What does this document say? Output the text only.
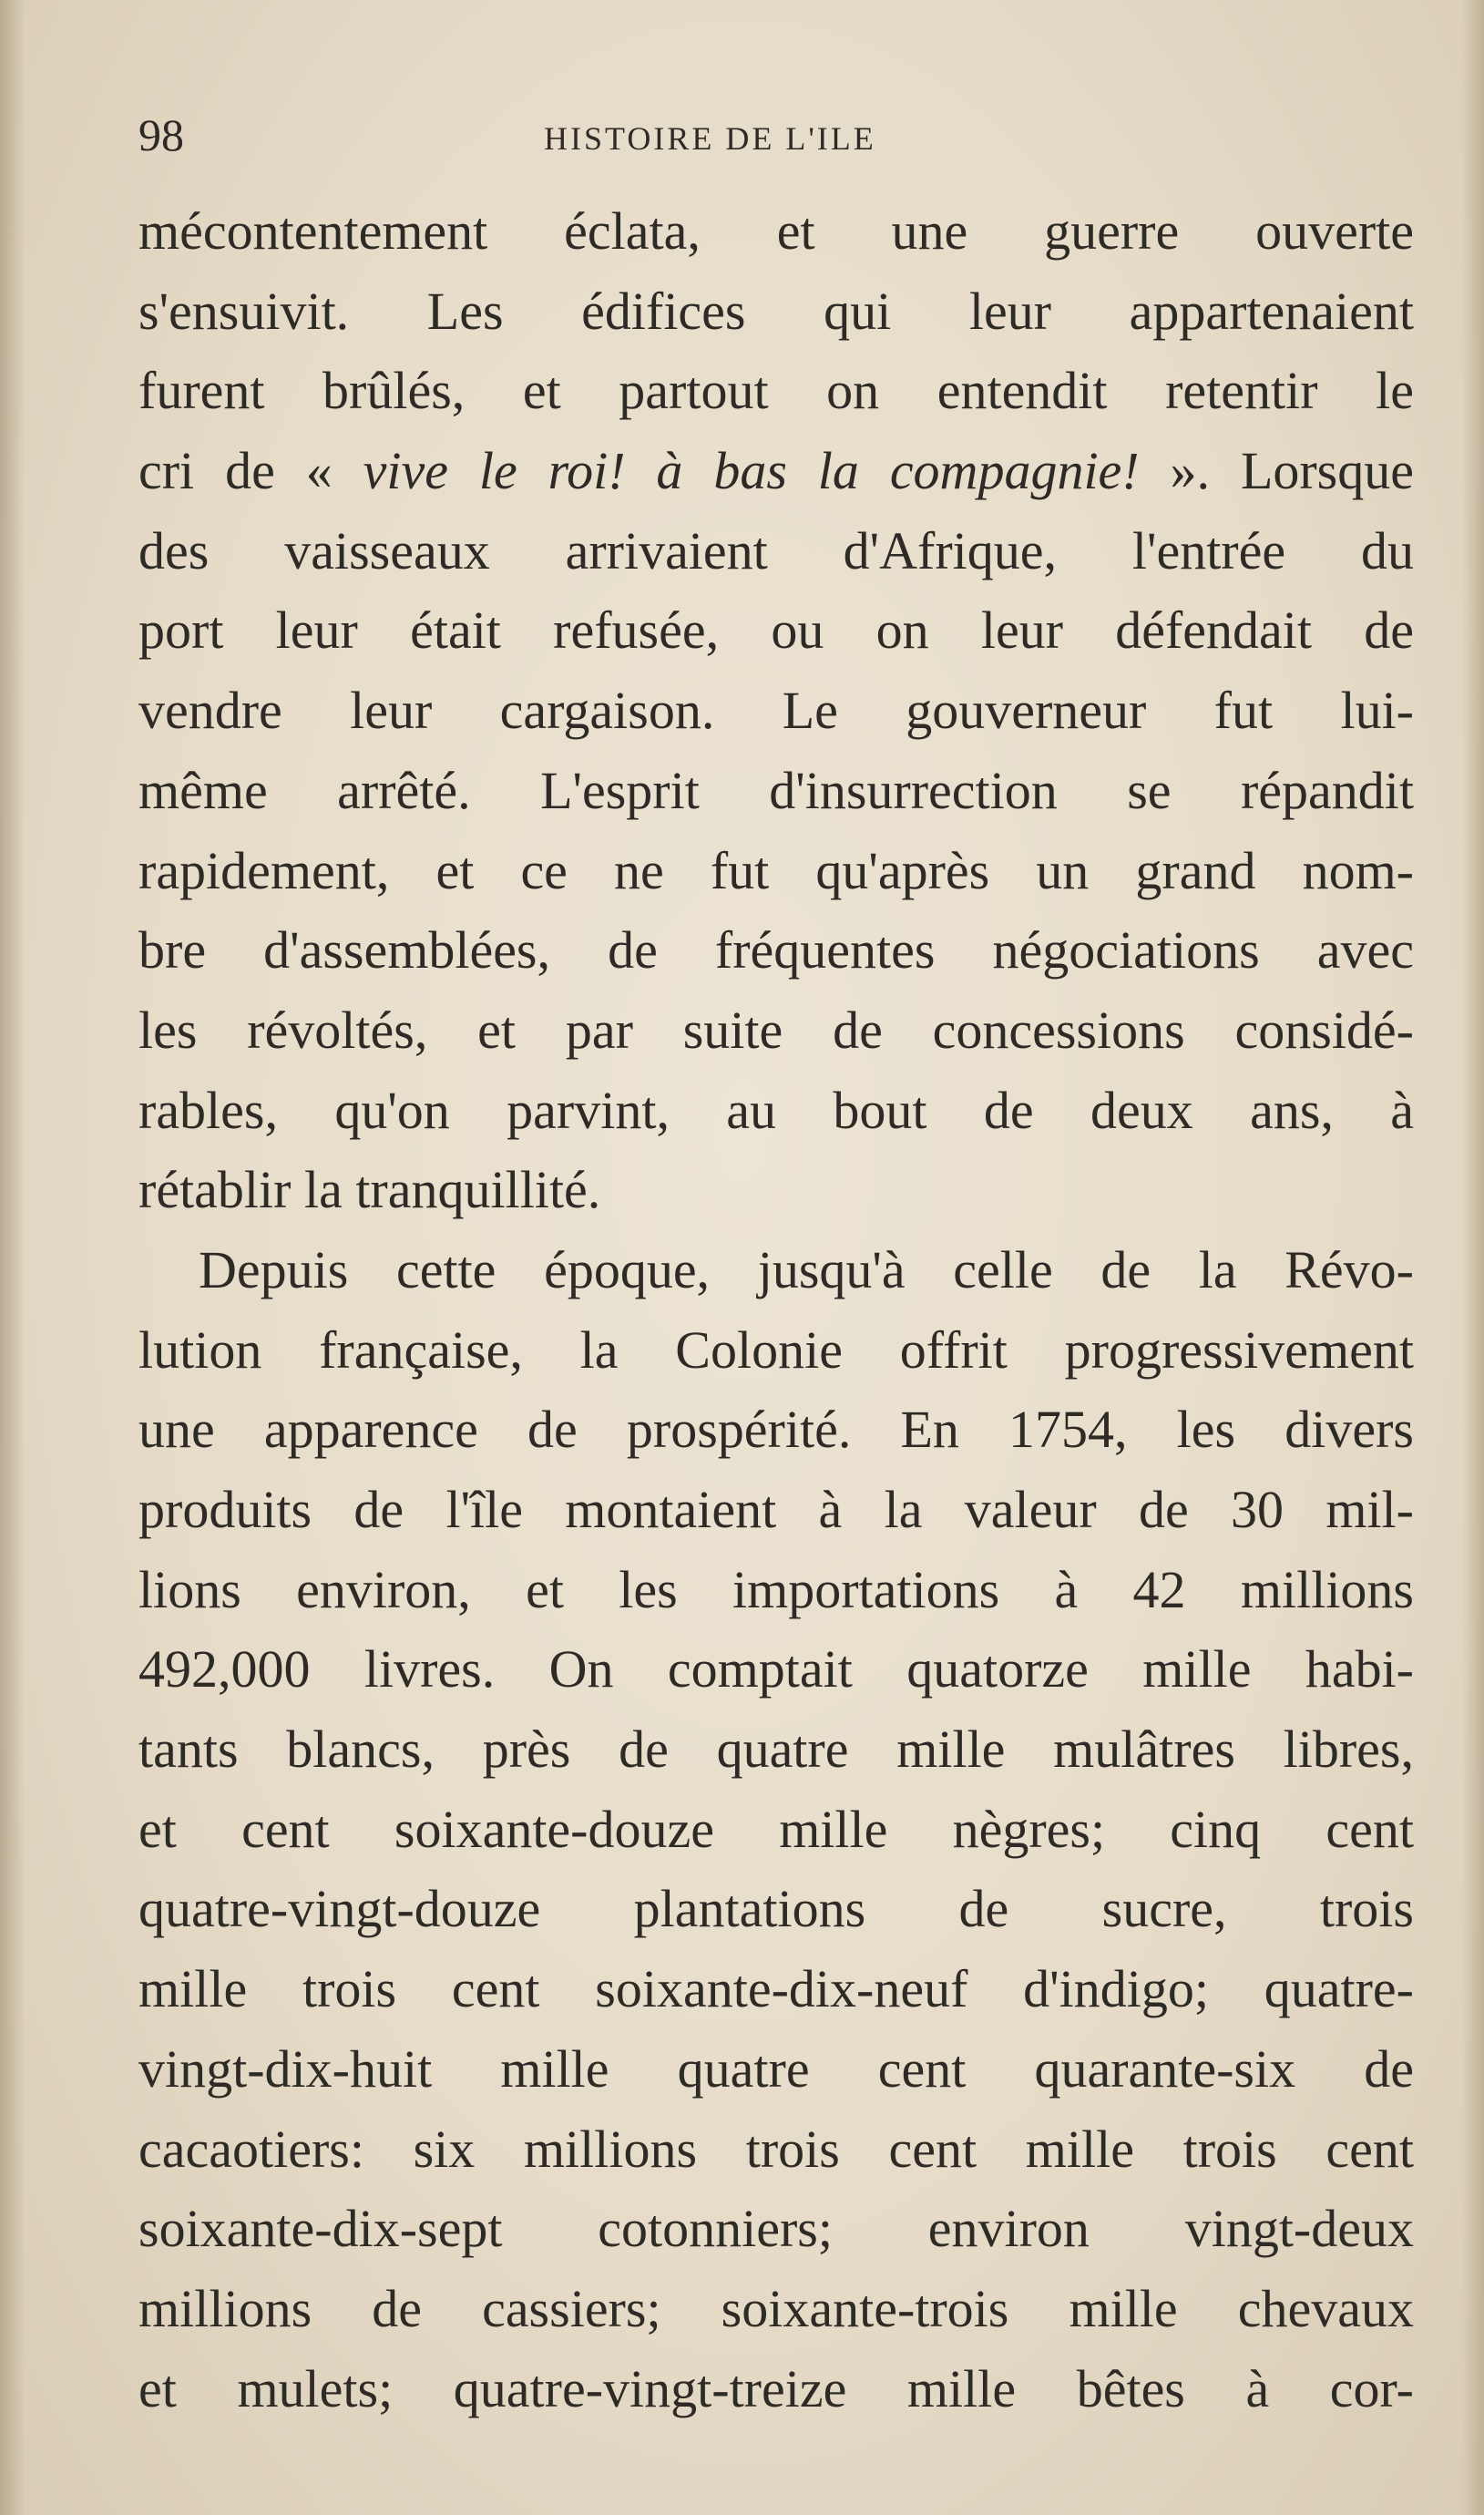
98	HISTOIRE DE L'ILE
mécontentement éclata, et une guerre ouverte
s'ensuivit. Les édifices qui leur appartenaient
furent brûlés, et partout on entendit retentir le
cri de « vive le roi! à bas la compagnie! ». Lorsque
des vaisseaux arrivaient d'Afrique, l'entrée du
port leur était refusée, ou on leur défendait de
vendre leur cargaison. Le gouverneur fut lui-
même arrêté. L'esprit d'insurrection se répandit
rapidement, et ce ne fut qu'après un grand nom-
bre d'assemblées, de fréquentes négociations avec
les révoltés, et par suite de concessions considé-
rables, qu'on parvint, au bout de deux ans, à
rétablir la tranquillité.
Depuis cette époque, jusqu'à celle de la Révo-
lution française, la Colonie offrit progressivement
une apparence de prospérité. En 1754, les divers
produits de l'île montaient à la valeur de 30 mil-
lions environ, et les importations à 42 millions
492,000 livres. On comptait quatorze mille habi-
tants blancs, près de quatre mille mulâtres libres,
et cent soixante-douze mille nègres; cinq cent
quatre-vingt-douze plantations de sucre, trois
mille trois cent soixante-dix-neuf d'indigo; quatre-
vingt-dix-huit mille quatre cent quarante-six de
cacaotiers: six millions trois cent mille trois cent
soixante-dix-sept cotonniers; environ vingt-deux
millions de cassiers; soixante-trois mille chevaux
et mulets; quatre-vingt-treize mille bêtes à cor-
